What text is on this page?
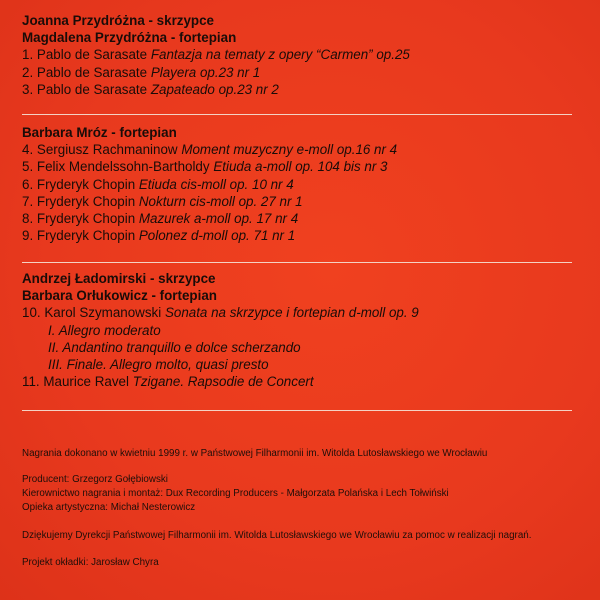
Joanna Przydróżna - skrzypce
Magdalena Przydróżna - fortepian
1. Pablo de Sarasate Fantazja na tematy z opery “Carmen” op.25
2. Pablo de Sarasate Playera op.23 nr 1
3. Pablo de Sarasate Zapateado op.23 nr 2
Barbara Mróz - fortepian
4. Sergiusz Rachmaninow Moment muzyczny e-moll op.16 nr 4
5. Felix Mendelssohn-Bartholdy Etiuda a-moll op. 104 bis nr 3
6. Fryderyk Chopin Etiuda cis-moll op. 10 nr 4
7. Fryderyk Chopin Nokturn cis-moll op. 27 nr 1
8. Fryderyk Chopin Mazurek a-moll op. 17 nr 4
9. Fryderyk Chopin Polonez d-moll op. 71 nr 1
Andrzej Ładomirski - skrzypce
Barbara Orłukowicz - fortepian
10. Karol Szymanowski Sonata na skrzypce i fortepian d-moll op. 9
I. Allegro moderato
II. Andantino tranquillo e dolce scherzando
III. Finale. Allegro molto, quasi presto
11. Maurice Ravel Tzigane. Rapsodie de Concert
Nagrania dokonano w kwietniu 1999 r. w Państwowej Filharmonii im. Witolda Lutosławskiego we Wrocławiu
Producent: Grzegorz Gołębiowski
Kierownictwo nagrania i montaż: Dux Recording Producers - Małgorzata Polańska i Lech Tołwiński
Opieka artystyczna: Michał Nesterowicz
Dziękujemy Dyrekcji Państwowej Filharmonii im. Witolda Lutosławskiego we Wrocławiu za pomoc w realizacji nagrań.
Projekt okładki: Jarosław Chyra
